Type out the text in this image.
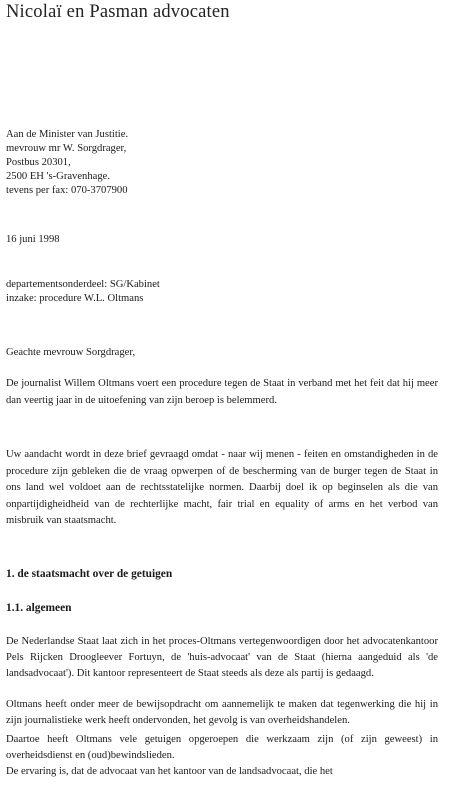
Nicolaï en Pasman advocaten
Aan de Minister van Justitie.
mevrouw mr W. Sorgdrager,
Postbus 20301,
2500 EH 's-Gravenhage.
tevens per fax: 070-3707900
16 juni 1998
departementsonderdeel: SG/Kabinet
inzake: procedure W.L. Oltmans
Geachte mevrouw Sorgdrager,

De journalist Willem Oltmans voert een procedure tegen de Staat in verband met het feit dat hij meer dan veertig jaar in de uitoefening van zijn beroep is belemmerd.

Uw aandacht wordt in deze brief gevraagd omdat - naar wij menen - feiten en omstandigheden in de procedure zijn gebleken die de vraag opwerpen of de bescherming van de burger tegen de Staat in ons land wel voldoet aan de rechtsstatelijke normen. Daarbij doel ik op beginselen als die van onpartijdigheidheid van de rechterlijke macht, fair trial en equality of arms en het verbod van misbruik van staatsmacht.

1. de staatsmacht over de getuigen
1.1. algemeen

De Nederlandse Staat laat zich in het proces-Oltmans vertegenwoordigen door het advocatenkantoor Pels Rijcken Droogleever Fortuyn, de 'huis-advocaat' van de Staat (hierna aangeduid als 'de landsadvocaat'). Dit kantoor representeert de Staat steeds als deze als partij is gedaagd.

Oltmans heeft onder meer de bewijsopdracht om aannemelijk te maken dat tegenwerking die hij in zijn journalistieke werk heeft ondervonden, het gevolg is van overheidshandelen.

Daartoe heeft Oltmans vele getuigen opgeroepen die werkzaam zijn (of zijn geweest) in overheidsdienst en (oud)bewindslieden.

De ervaring is, dat de advocaat van het kantoor van de landsadvocaat, die het
